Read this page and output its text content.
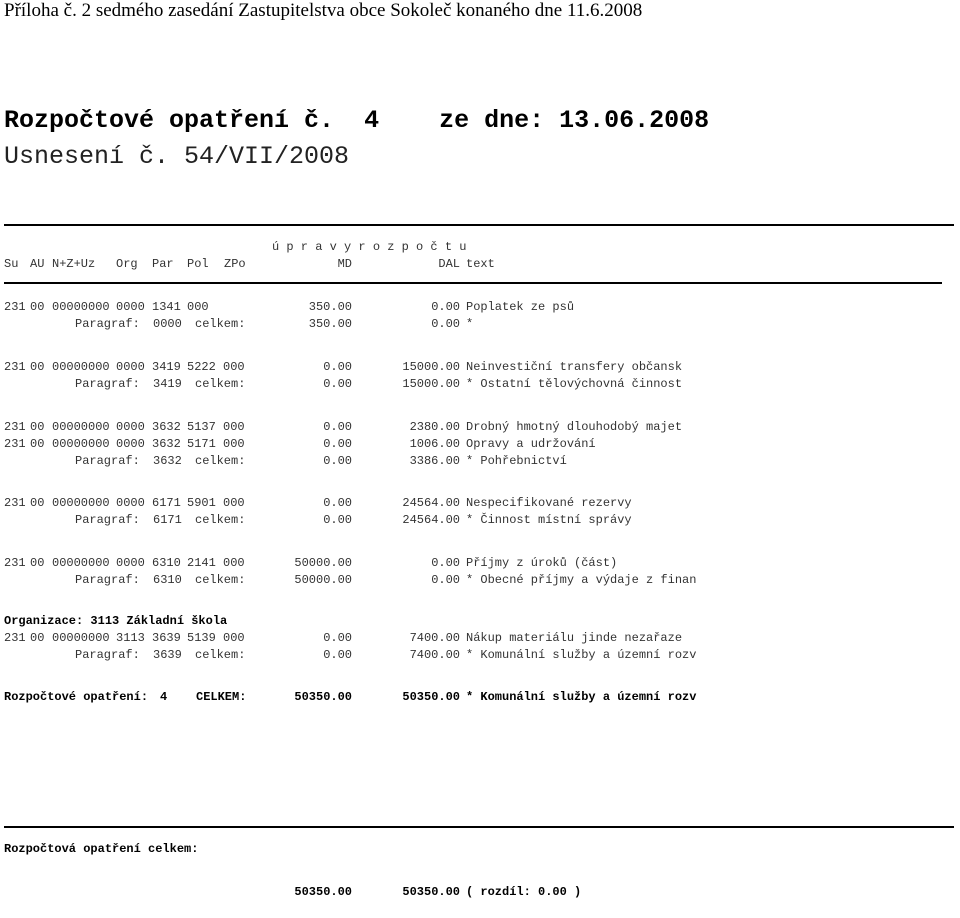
Příloha č. 2 sedmého zasedání Zastupitelstva obce Sokoleč konaného dne 11.6.2008
Rozpočtové opatření č. 4 ze dne: 13.06.2008
Usnesení č. 54/VII/2008
ú p r a v y r o z p o č t u
Su AU N+Z+Uz Org Par Pol ZPo	MD	DAL text
231 00 00000000 0000 1341 000	350.00	0.00 Poplatek ze psů
Paragraf: 0000 celkem:	350.00	0.00 *
231 00 00000000 0000 3419 5222 000	0.00	15000.00 Neinvestiční transfery občansk
Paragraf: 3419 celkem:	0.00	15000.00 * Ostatní tělovýchovná činnost
231 00 00000000 0000 3632 5137 000	0.00	2380.00 Drobný hmotný dlouhodobý majet
231 00 00000000 0000 3632 5171 000	0.00	1006.00 Opravy a udržování
Paragraf: 3632 celkem:	0.00	3386.00 * Pohřebnictví
231 00 00000000 0000 6171 5901 000	0.00	24564.00 Nespecifikované rezervy
Paragraf: 6171 celkem:	0.00	24564.00 * Činnost místní správy
231 00 00000000 0000 6310 2141 000	50000.00	0.00 Příjmy z úroků (část)
Paragraf: 6310 celkem:	50000.00	0.00 * Obecné příjmy a výdaje z finan
Organizace: 3113 Základní škola
231 00 00000000 3113 3639 5139 000	0.00	7400.00 Nákup materiálu jinde nezařaze
Paragraf: 3639 celkem:	0.00	7400.00 * Komunální služby a územní rozv
Rozpočtové opatření: 4 CELKEM:	50350.00	50350.00 * Komunální služby a územní rozv
Rozpočtová opatření celkem:
50350.00	50350.00 ( rozdíl: 0.00 )
